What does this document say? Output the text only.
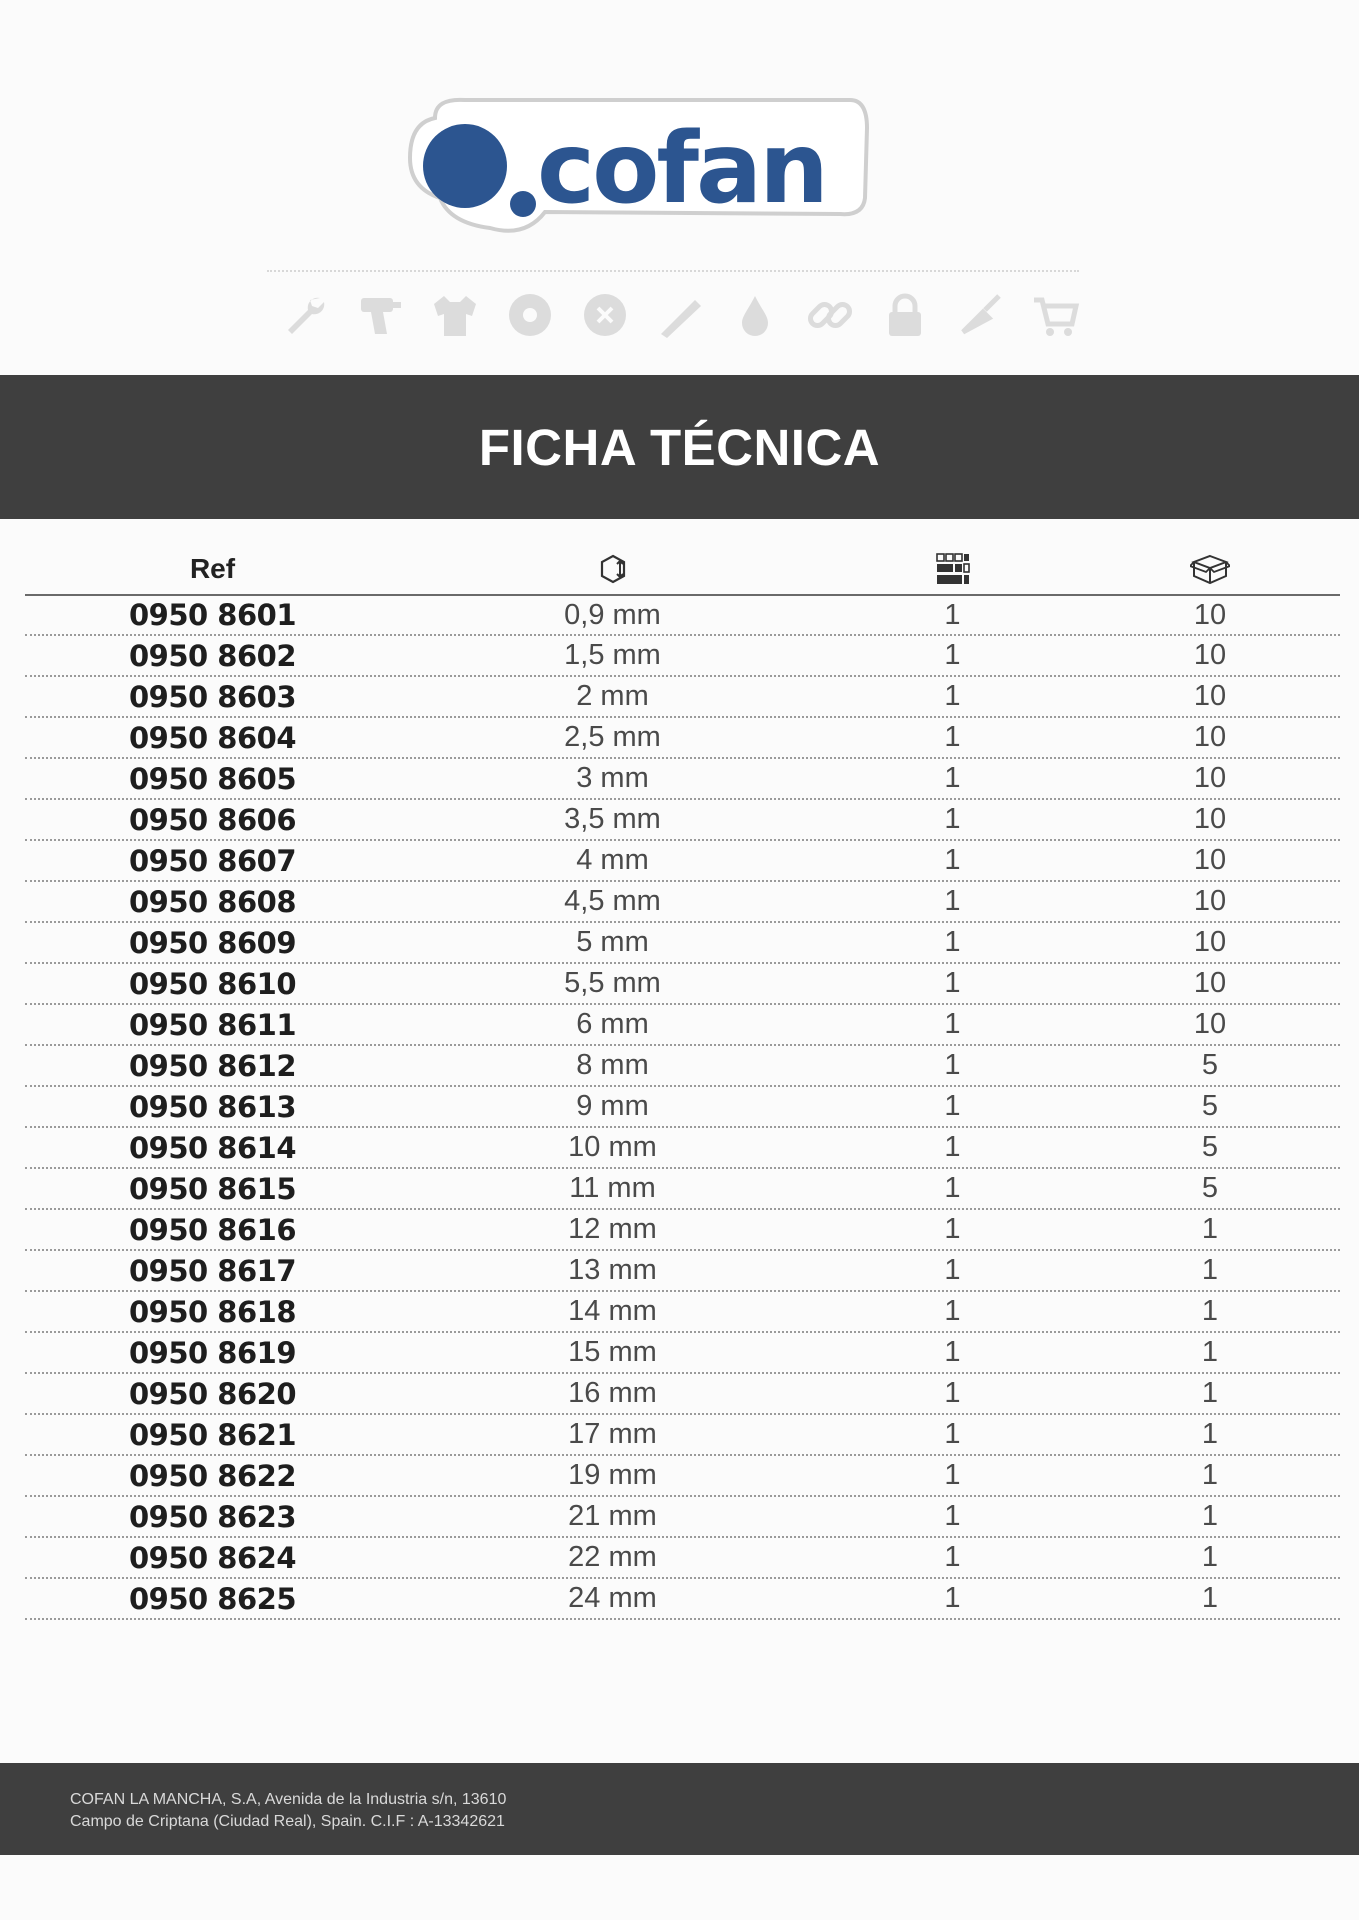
cofan
FICHA TÉCNICA
Ref
0950 8601	0,9 mm	1	10
0950 8602	1,5 mm	1	10
0950 8603	2 mm	1	10
0950 8604	2,5 mm	1	10
0950 8605	3 mm	1	10
0950 8606	3,5 mm	1	10
0950 8607	4 mm	1	10
0950 8608	4,5 mm	1	10
0950 8609	5 mm	1	10
0950 8610	5,5 mm	1	10
0950 8611	6 mm	1	10
0950 8612	8 mm	1	5
0950 8613	9 mm	1	5
0950 8614	10 mm	1	5
0950 8615	11 mm	1	5
0950 8616	12 mm	1	1
0950 8617	13 mm	1	1
0950 8618	14 mm	1	1
0950 8619	15 mm	1	1
0950 8620	16 mm	1	1
0950 8621	17 mm	1	1
0950 8622	19 mm	1	1
0950 8623	21 mm	1	1
0950 8624	22 mm	1	1
0950 8625	24 mm	1	1
COFAN LA MANCHA, S.A, Avenida de la Industria s/n, 13610
Campo de Criptana (Ciudad Real), Spain. C.I.F : A-13342621
